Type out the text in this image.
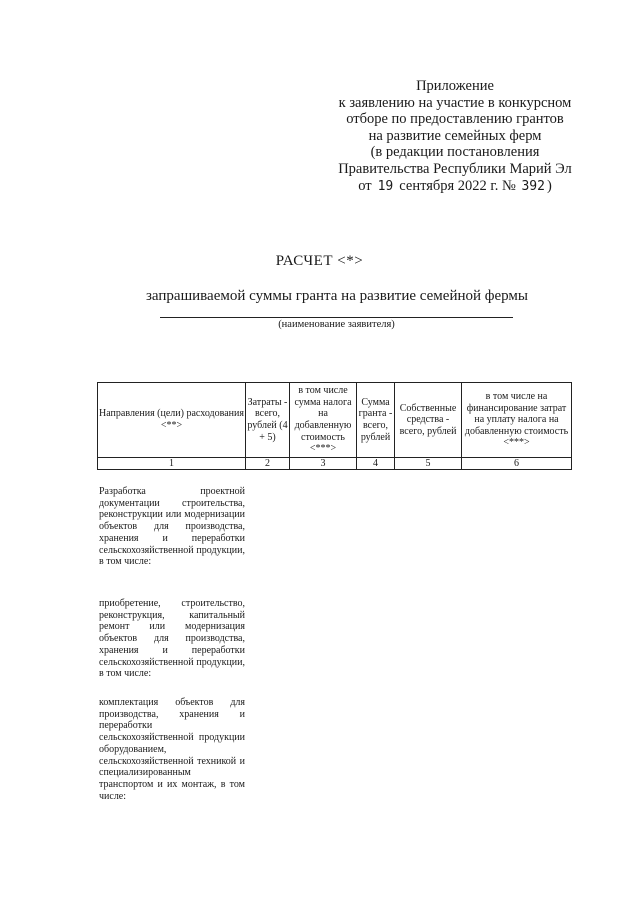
Приложение
к заявлению на участие в конкурсном
отборе по предоставлению грантов
на развитие семейных ферм
(в редакции постановления
Правительства Республики Марий Эл
от 19 сентября 2022 г. № 392 )
РАСЧЕТ <*>
запрашиваемой суммы гранта на развитие семейной фермы
(наименование заявителя)
Направления (цели) расходования <**>	Затраты - всего, рублей (4 + 5)	в том числе сумма налога на добавленную стоимость <***>	Сумма гранта - всего, рублей	Собственные средства - всего, рублей	в том числе на финансирование затрат на уплату налога на добавленную стоимость <***>
1	2	3	4	5	6

Разработка проектной документации строительства, реконструкции или модернизации объектов для производства, хранения и переработки сельскохозяйственной продукции, в том числе:

приобретение, строительство, реконструкция, капитальный ремонт или модернизация объектов для производства, хранения и переработки сельскохозяйственной продукции, в том числе:

комплектация объектов для производства, хранения и переработки сельскохозяйственной продукции оборудованием, сельскохозяйственной техникой и специализированным транспортом и их монтаж, в том числе:
